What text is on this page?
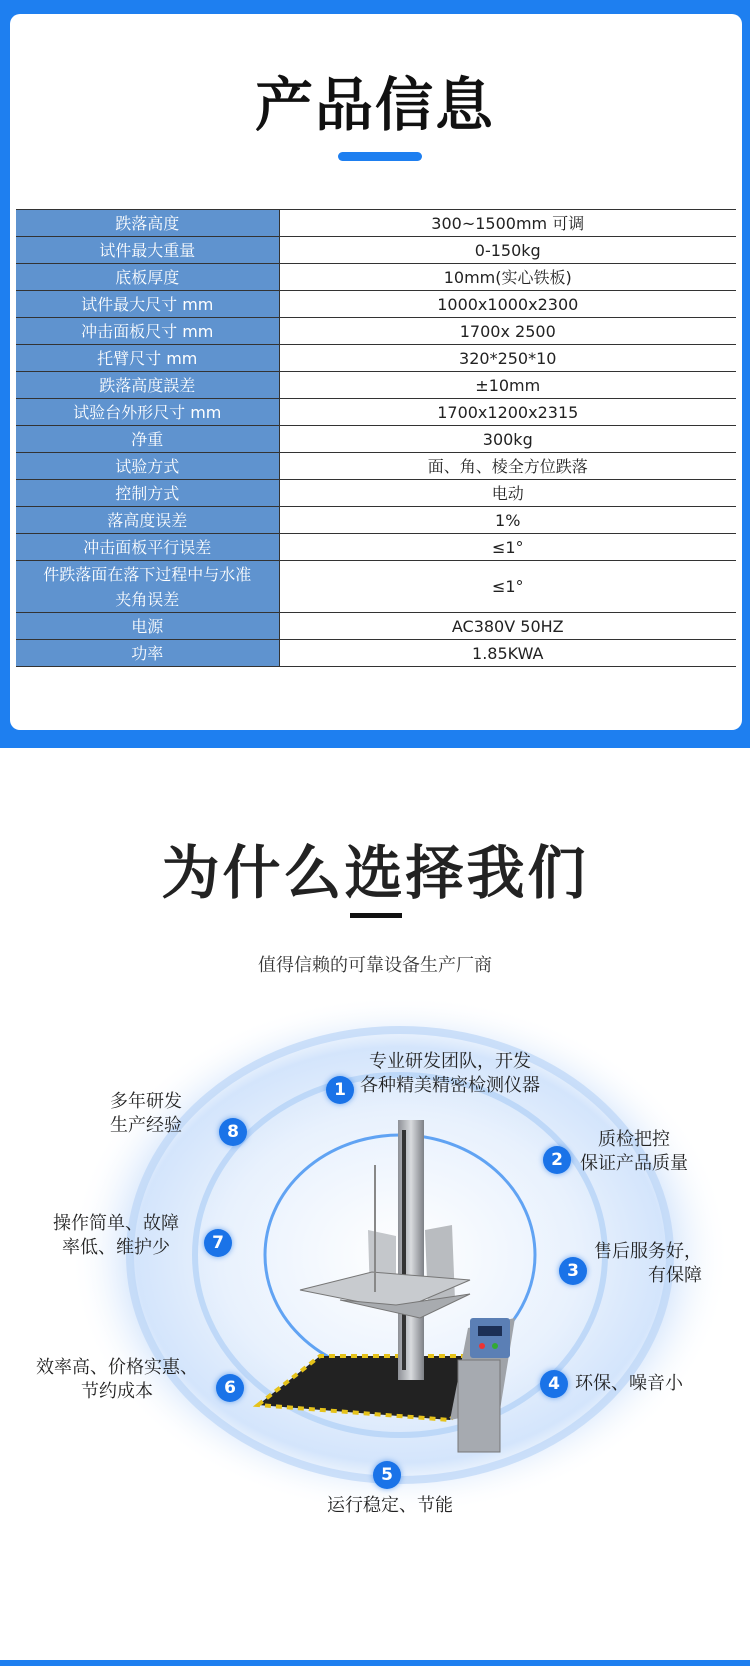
产品信息
跌落高度	300~1500mm 可调
试件最大重量	0-150kg
底板厚度	10mm(实心铁板)
试件最大尺寸 mm	1000x1000x2300
冲击面板尺寸 mm	1700x 2500
托臂尺寸 mm	320*250*10
跌落高度誤差	±10mm
试验台外形尺寸 mm	1700x1200x2315
净重	300kg
试验方式	面、角、棱全方位跌落
控制方式	电动
落高度误差	1%
冲击面板平行误差	≤1°

件跌落面在落下过程中与水准
夹角误差	≤1°
电源	AC380V 50HZ
功率	1.85KWA
为什么选择我们
值得信赖的可靠设备生产厂商
1
专业研发团队，开发
各种精美精密检测仪器
2
质检把控
保证产品质量
3
售后服务好，
有保障
4 环保、噪音小
5
运行稳定、节能
6
效率高、价格实惠、
节约成本
7
操作简单、故障
率低、维护少
8
多年研发
生产经验
